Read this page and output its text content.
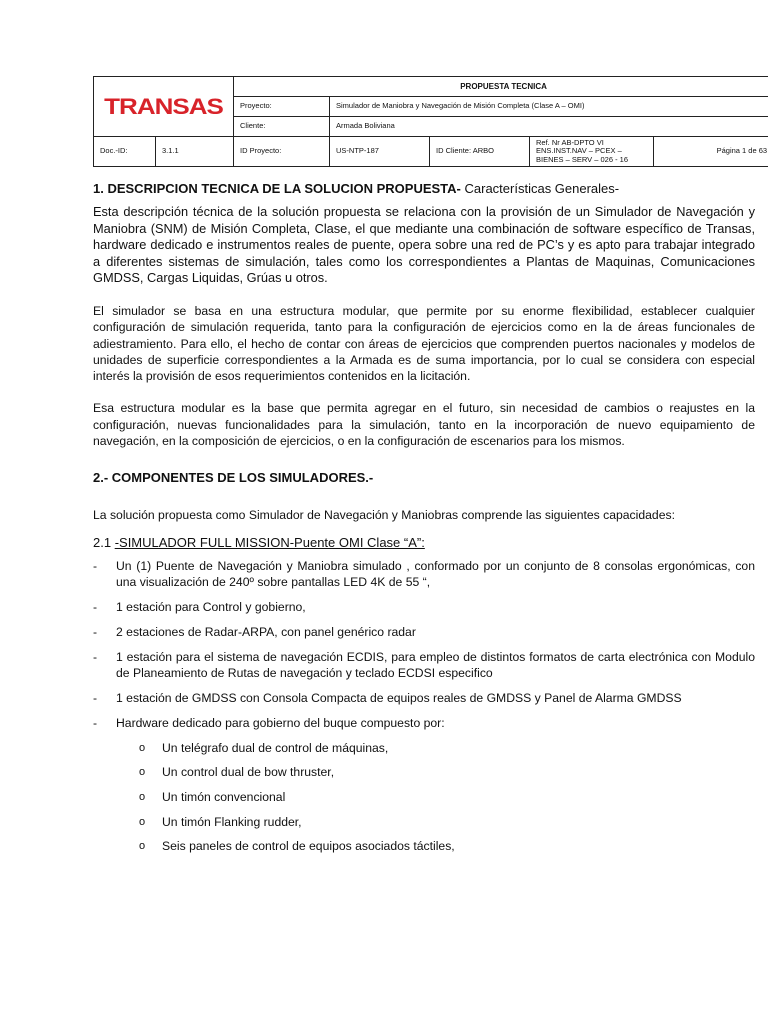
TRANSAS		PROPUESTA TECNICA				
		Proyecto:	Simulador de Maniobra y Navegación de Misión Completa (Clase A – OMI)			
		Cliente:	Armada Boliviana			
Doc.-ID:	3.1.1	ID Proyecto:	US-NTP-187	ID Cliente: ARBO	Ref. Nr AB-DPTO VI ENS.INST.NAV – PCEX – BIENES – SERV – 026 - 16	Página 1 de 63
1. DESCRIPCION TECNICA DE LA SOLUCION PROPUESTA- Características Generales-

Esta descripción técnica de la solución propuesta se relaciona con la provisión de un Simulador de Navegación y Maniobra (SNM) de Misión Completa, Clase, el que mediante una combinación de software específico de Transas, hardware dedicado e instrumentos reales de puente, opera sobre una red de PC’s y es apto para trabajar integrado a diferentes sistemas de simulación, tales como los correspondientes a Plantas de Maquinas, Comunicaciones GMDSS, Cargas Liquidas, Grúas u otros.

El simulador se basa en una estructura modular, que permite por su enorme flexibilidad, establecer cualquier configuración de simulación requerida, tanto para la configuración de ejercicios como en la de áreas funcionales de adiestramiento. Para ello, el hecho de contar con áreas de ejercicios que comprenden puertos nacionales y modelos de unidades de superficie correspondientes a la Armada es de suma importancia, por lo cual se considera con especial interés la provisión de esos requerimientos contenidos en la licitación.

Esa estructura modular es la base que permita agregar en el futuro, sin necesidad de cambios o reajustes en la configuración, nuevas funcionalidades para la simulación, tanto en la incorporación de nuevo equipamiento de navegación, en la composición de ejercicios, o en la configuración de escenarios para los mismos.

2.- COMPONENTES DE LOS SIMULADORES.-

La solución propuesta como Simulador de Navegación y Maniobras comprende las siguientes capacidades:

2.1 -SIMULADOR FULL MISSION-Puente OMI Clase “A”:

- Un (1) Puente de Navegación y Maniobra simulado , conformado por un conjunto de 8 consolas ergonómicas, con una visualización de 240º sobre pantallas LED 4K de 55 “,
- 1 estación para Control y gobierno,
- 2 estaciones de Radar-ARPA, con panel genérico radar
- 1 estación para el sistema de navegación ECDIS, para empleo de distintos formatos de carta electrónica con Modulo de Planeamiento de Rutas de navegación y teclado ECDSI especifico
- 1 estación de GMDSS con Consola Compacta de equipos reales de GMDSS y Panel de Alarma GMDSS
- Hardware dedicado para gobierno del buque compuesto por:
o Un telégrafo dual de control de máquinas,
o Un control dual de bow thruster,
o Un timón convencional
o Un timón Flanking rudder,
o Seis paneles de control de equipos asociados táctiles,
